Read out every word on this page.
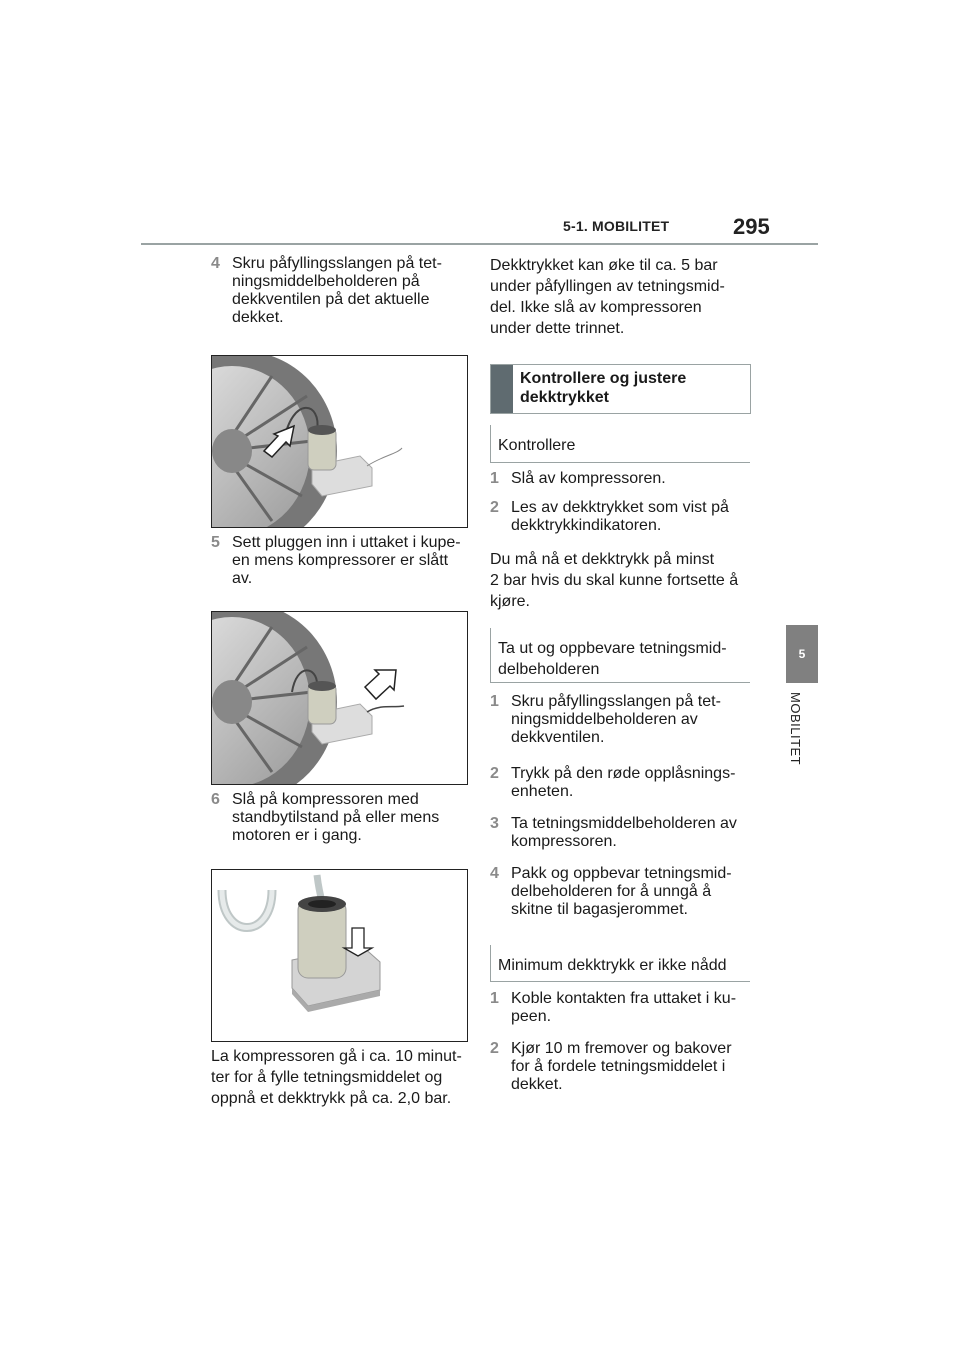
5-1. MOBILITET	295
5
MOBILITET
4 Skru påfyllingsslangen på tet-
ningsmiddelbeholderen på
dekkventilen på det aktuelle
dekket.
5 Sett pluggen inn i uttaket i kupe-
en mens kompressorer er slått
av.
6 Slå på kompressoren med
standbytilstand på eller mens
motoren er i gang.
La kompressoren gå i ca. 10 minut-
ter for å fylle tetningsmiddelet og
oppnå et dekktrykk på ca. 2,0 bar.
Dekktrykket kan øke til ca. 5 bar
under påfyllingen av tetningsmid-
del. Ikke slå av kompressoren
under dette trinnet.
Kontrollere og justere
dekktrykket
Kontrollere
1 Slå av kompressoren.
2 Les av dekktrykket som vist på
dekktrykkindikatoren.
Du må nå et dekktrykk på minst
2 bar hvis du skal kunne fortsette å
kjøre.
Ta ut og oppbevare tetningsmid-
delbeholderen
1 Skru påfyllingsslangen på tet-
ningsmiddelbeholderen av
dekkventilen.
2 Trykk på den røde opplåsnings-
enheten.
3 Ta tetningsmiddelbeholderen av
kompressoren.
4 Pakk og oppbevar tetningsmid-
delbeholderen for å unngå å
skitne til bagasjerommet.
Minimum dekktrykk er ikke nådd
1 Koble kontakten fra uttaket i ku-
peen.
2 Kjør 10 m fremover og bakover
for å fordele tetningsmiddelet i
dekket.
